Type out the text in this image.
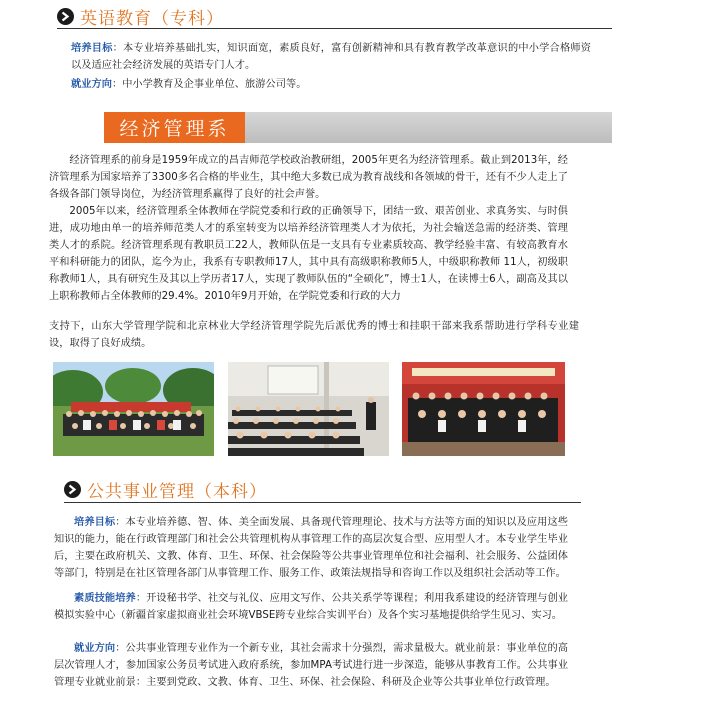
英语教育（专科）
培养目标：本专业培养基础扎实，知识面宽，素质良好，富有创新精神和具有教育教学改革意识的中小学合格师资以及适应社会经济发展的英语专门人才。
就业方向：中小学教育及企事业单位、旅游公司等。
经济管理系
经济管理系的前身是1959年成立的昌吉师范学校政治教研组，2005年更名为经济管理系。截止到2013年，经济管理系为国家培养了3300多名合格的毕业生，其中绝大多数已成为教育战线和各领域的骨干，还有不少人走上了各级各部门领导岗位，为经济管理系赢得了良好的社会声誉。
2005年以来，经济管理系全体教师在学院党委和行政的正确领导下，团结一致、艰苦创业、求真务实、与时俱进，成功地由单一的培养师范类人才的系室转变为以培养经济管理类人才为依托，为社会输送急需的经济类、管理类人才的系院。经济管理系现有教职员工22人，教师队伍是一支具有专业素质较高、教学经验丰富、有较高教育水平和科研能力的团队，迄今为止，我系有专职教师17人，其中具有高级职称教师5人，中级职称教师 11人，初级职称教师1人，具有研究生及其以上学历者17人，实现了教师队伍的“全硕化”，博士1人，在读博士6人，副高及其以上职称教师占全体教师的29.4%。2010年9月开始，在学院党委和行政的大力
支持下，山东大学管理学院和北京林业大学经济管理学院先后派优秀的博士和挂职干部来我系帮助进行学科专业建设，取得了良好成绩。
公共事业管理（本科）
培养目标：本专业培养德、智、体、美全面发展、具备现代管理理论、技术与方法等方面的知识以及应用这些知识的能力，能在行政管理部门和社会公共管理机构从事管理工作的高层次复合型、应用型人才。本专业学生毕业后，主要在政府机关、文教、体育、卫生、环保、社会保险等公共事业管理单位和社会福利、社会服务、公益团体等部门，特别是在社区管理各部门从事管理工作、服务工作、政策法规指导和咨询工作以及组织社会活动等工作。
素质技能培养：开设秘书学、社交与礼仪、应用文写作、公共关系学等课程；利用我系建设的经济管理与创业模拟实验中心（新疆首家虚拟商业社会环境VBSE跨专业综合实训平台）及各个实习基地提供给学生见习、实习。
就业方向：公共事业管理专业作为一个新专业，其社会需求十分强烈，需求量极大。就业前景：事业单位的高层次管理人才，参加国家公务员考试进入政府系统，参加MPA考试进行进一步深造，能够从事教育工作。公共事业管理专业就业前景：主要到党政、文教、体育、卫生、环保、社会保险、科研及企业等公共事业单位行政管理。
